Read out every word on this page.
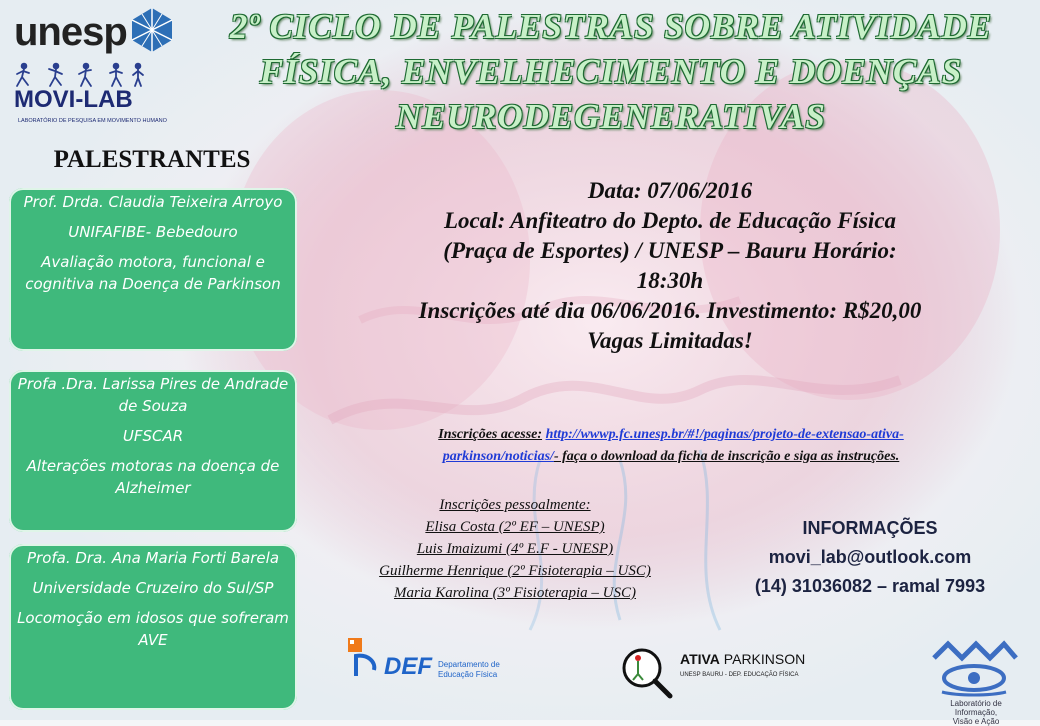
unesp
MOVI-LAB
LABORATÓRIO DE PESQUISA EM MOVIMENTO HUMANO
2º CICLO DE PALESTRAS SOBRE ATIVIDADE
FÍSICA, ENVELHECIMENTO E DOENÇAS
NEURODEGENERATIVAS
PALESTRANTES

Prof. Drda. Claudia Teixeira Arroyo

UNIFAFIBE- Bebedouro

Avaliação motora, funcional e cognitiva na Doença de Parkinson

Profa .Dra. Larissa Pires de Andrade de Souza

UFSCAR

Alterações motoras na doença de Alzheimer

Profa. Dra. Ana Maria Forti Barela

Universidade Cruzeiro do Sul/SP

Locomoção em idosos que sofreram AVE

Data: 07/06/2016
Local: Anfiteatro do Depto. de Educação Física
(Praça de Esportes) / UNESP – Bauru Horário:
18:30h
Inscrições até dia 06/06/2016. Investimento: R$20,00
Vagas Limitadas!
Inscrições acesse: http://wwwp.fc.unesp.br/#!/paginas/projeto-de-extensao-ativa-
parkinson/noticias/- faça o download da ficha de inscrição e siga as instruções.
Inscrições pessoalmente:
Elisa Costa (2º EF – UNESP)
Luis Imaizumi (4º E.F - UNESP)
Guilherme Henrique (2º Fisioterapia – USC)
Maria Karolina (3º Fisioterapia – USC)
INFORMAÇÕES
movi_lab@outlook.com
(14) 31036082 – ramal 7993
DEF Departamento de
Educação Física
ATIVA PARKINSON
UNESP BAURU - DEP. EDUCAÇÃO FÍSICA
Laboratório de Informação,
Visão e Ação
